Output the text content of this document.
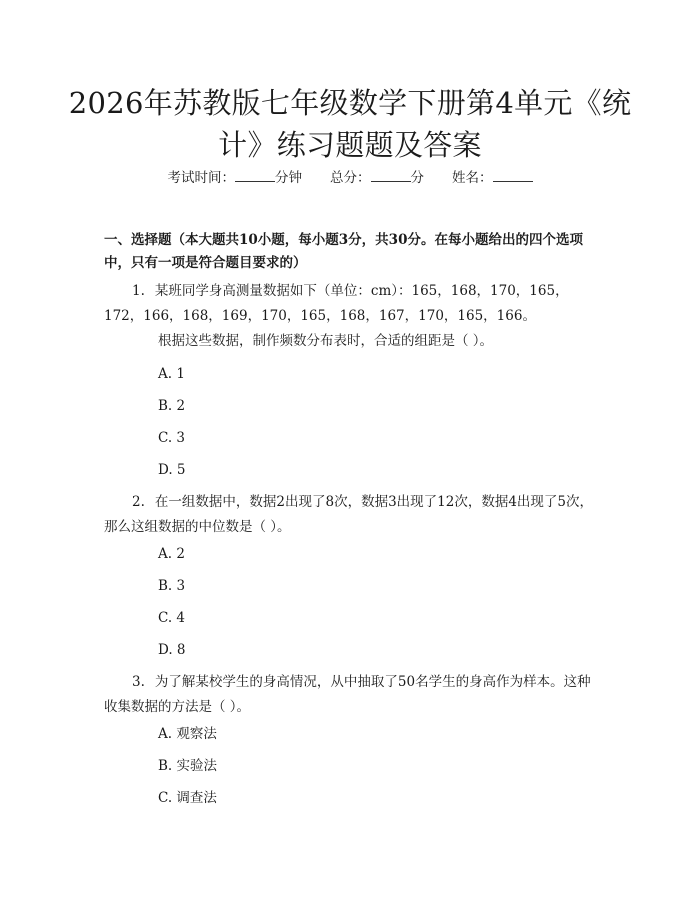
2026年苏教版七年级数学下册第4单元《统计》练习题题及答案
考试时间：	分钟 总分：	分 姓名：
一、选择题（本大题共10小题，每小题3分，共30分。在每小题给出的四个选项中，只有一项是符合题目要求的）
1. 某班同学身高测量数据如下（单位：cm）：165，168，170，165，172，166，168，169，170，165，168，167，170，165，166。
根据这些数据，制作频数分布表时，合适的组距是（ ）。
A. 1
B. 2
C. 3
D. 5
2. 在一组数据中，数据2出现了8次，数据3出现了12次，数据4出现了5次，那么这组数据的中位数是（ ）。
A. 2
B. 3
C. 4
D. 8
3. 为了解某校学生的身高情况，从中抽取了50名学生的身高作为样本。这种收集数据的方法是（ ）。
A. 观察法
B. 实验法
C. 调查法
